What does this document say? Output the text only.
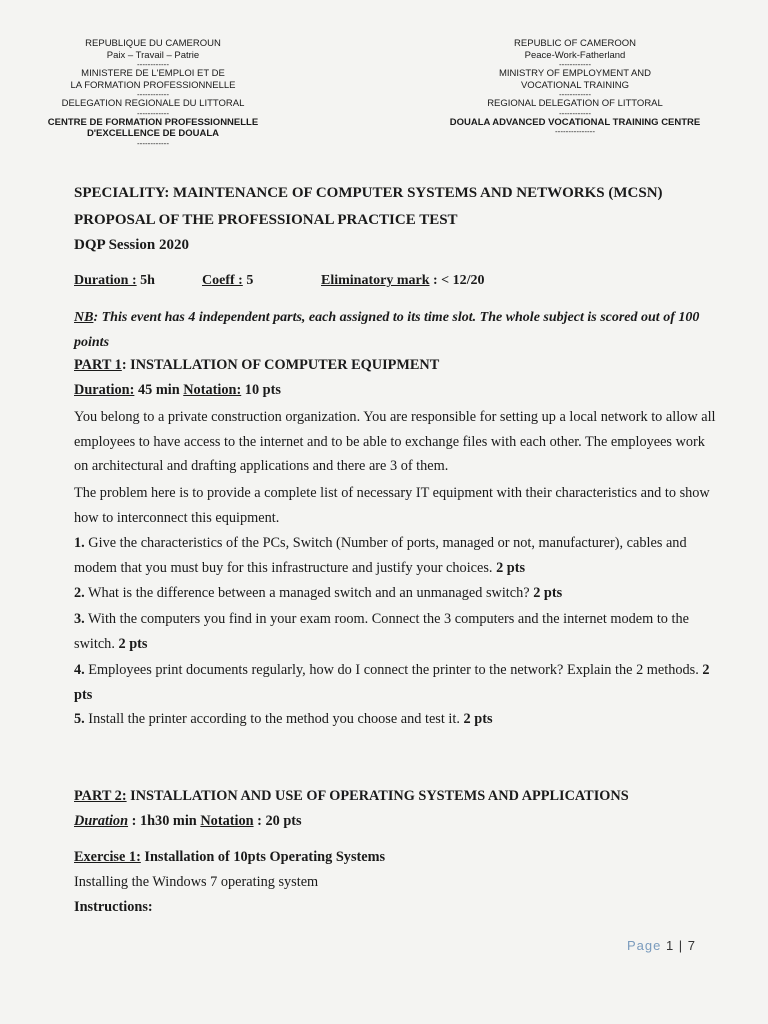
REPUBLIQUE DU CAMEROUN
Paix – Travail – Patrie
------------
MINISTERE DE L'EMPLOI ET DE
LA FORMATION PROFESSIONNELLE
------------
DELEGATION REGIONALE DU LITTORAL
------------
CENTRE DE FORMATION PROFESSIONNELLE
D'EXCELLENCE DE DOUALA
------------
REPUBLIC OF CAMEROON
Peace-Work-Fatherland
------------
MINISTRY OF EMPLOYMENT AND
VOCATIONAL TRAINING
------------
REGIONAL DELEGATION OF LITTORAL
------------
DOUALA ADVANCED VOCATIONAL TRAINING CENTRE
---------------
SPECIALITY: MAINTENANCE OF COMPUTER SYSTEMS AND NETWORKS (MCSN)
PROPOSAL OF THE PROFESSIONAL PRACTICE TEST
DQP Session 2020
Duration : 5h	Coeff : 5	Eliminatory mark : < 12/20
NB: This event has 4 independent parts, each assigned to its time slot. The whole subject is scored out of 100 points
PART 1: INSTALLATION OF COMPUTER EQUIPMENT
Duration: 45 min Notation: 10 pts
You belong to a private construction organization. You are responsible for setting up a local network to allow all employees to have access to the internet and to be able to exchange files with each other. The employees work on architectural and drafting applications and there are 3 of them.
The problem here is to provide a complete list of necessary IT equipment with their characteristics and to show how to interconnect this equipment.
1. Give the characteristics of the PCs, Switch (Number of ports, managed or not, manufacturer), cables and modem that you must buy for this infrastructure and justify your choices. 2 pts
2. What is the difference between a managed switch and an unmanaged switch? 2 pts
3. With the computers you find in your exam room. Connect the 3 computers and the internet modem to the switch. 2 pts
4. Employees print documents regularly, how do I connect the printer to the network? Explain the 2 methods. 2 pts
5. Install the printer according to the method you choose and test it. 2 pts
PART 2: INSTALLATION AND USE OF OPERATING SYSTEMS AND APPLICATIONS
Duration : 1h30 min Notation : 20 pts
Exercise 1: Installation of 10pts Operating Systems
Installing the Windows 7 operating system
Instructions:
Page 1 | 7
